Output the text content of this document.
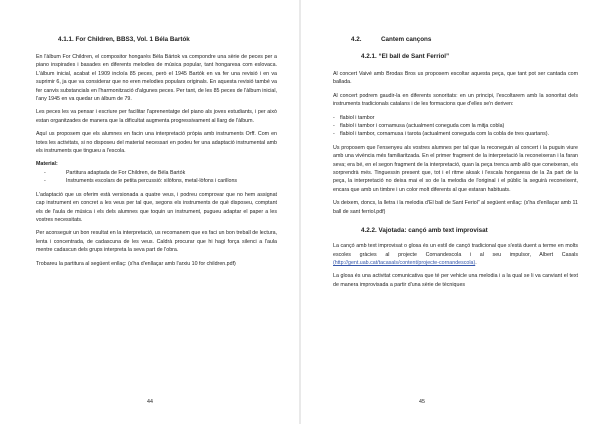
4.1.1. For Children, BBS3, Vol. 1 Béla Bartók

En l'àlbum For Children, el compositor hongarès Béla Bártok va compondre una sèrie de peces per a piano inspirades i basades en diferents melodies de música popular, tant hongaresa com eslovaca. L'àlbum inicial, acabat el 1909 incloïa 85 peces, però el 1945 Bartók en va fer una revisió i en va suprimir 6, ja que va considerar que no eren melodies populars originals. En aquesta revisió també va fer canvis substancials en l'harmonització d'algunes peces. Per tant, de les 85 peces de l'àlbum inicial, l'any 1945 en va quedar un àlbum de 79.

Les peces les va pensar i escriure per facilitar l'aprenentatge del piano als joves estudiants, i per això estan organitzades de manera que la dificultat augmenta progressivament al llarg de l'àlbum.

Aquí us proposem que els alumnes en facin una interpretació pròpia amb instruments Orff. Com en totes les activitats, si no disposeu del material necessari en podeu fer una adaptació instrumental amb els instruments que tingueu a l'escola.

Material:
-	Partitura adaptada de For Children, de Béla Bartók
-	Instruments escolars de petita percussió: xilòfons, metal·lòfons i carillons

L'adaptació que us oferim està versionada a quatre veus, i podreu comprovar que no hem assignat cap instrument en concret a les veus per tal que, segons els instruments de què disposeu, comptant els de l'aula de música i els dels alumnes que toquin un instrument, pugueu adaptar el paper a les vostres necessitats.

Per aconseguir un bon resultat en la interpretació, us recomanem que es faci un bon treball de lectura, lenta i concentrada, de cadascuna de les veus. Caldrà procurar que hi hagi força silenci a l'aula mentre cadascun dels grups interpreta la seva part de l'obra.

Trobareu la partitura al següent enllaç: (s'ha d'enllaçar amb l'arxiu 10 for children.pdf)

44
4.2.	Cantem cançons
4.2.1. “El ball de Sant Ferriol”

Al concert Vaivé amb Brodas Bros us proposem escoltar aquesta peça, que tant pot ser cantada com ballada.

Al concert podrem gaudir-la en diferents sonoritats: en un principi, l'escoltarem amb la sonoritat dels instruments tradicionals catalans i de les formacions que d'elles se'n deriven:

- flabiol i tambor
- flabiol i tambor i cornamusa (actualment coneguda com la mitja cobla)
- flabiol i tambor, cornamusa i tarota (actualment coneguda com la cobla de tres quartans).

Us proposem que l'ensenyeu als vostres alumnes per tal que la reconeguin al concert i la puguin viure amb una vivència més familiaritzada. En el primer fragment de la interpretació la reconeixeran i la faran seva; era bé, en el segon fragment de la interpretació, quan la peça trenca amb allò que coneixeran, els sorprendrà més. Tinguessin present que, tot i el ritme aksak i l'escala hongaresa de la 2a part de la peça, la interpretació no deixa mai el so de la melodia de l'original i el públic la seguirà reconeixent, encara que amb un timbre i un color molt diferents al que estaran habituats.

Us deixem, doncs, la lletra i la melodia d'El ball de Sant Feriol” al següent enllaç: (s'ha d'enllaçar amb 11 ball de sant ferriol.pdf)

4.2.2. Vajotada: cançó amb text improvisat

La cançó amb text improvisat o glosa és un estil de cançó tradicional que s'està duent a terme en molts escoles gràcies al projecte Cornandescola i al seu impulsor, Albert Casals (http://gent.uab.cat/tacasals/content/projecte-cornandescola).

La glosa és una activitat comunicativa que té per vehicle una melodia i a la qual se li va canviant el text de manera improvisada a partir d'una sèrie de tècniques

45
